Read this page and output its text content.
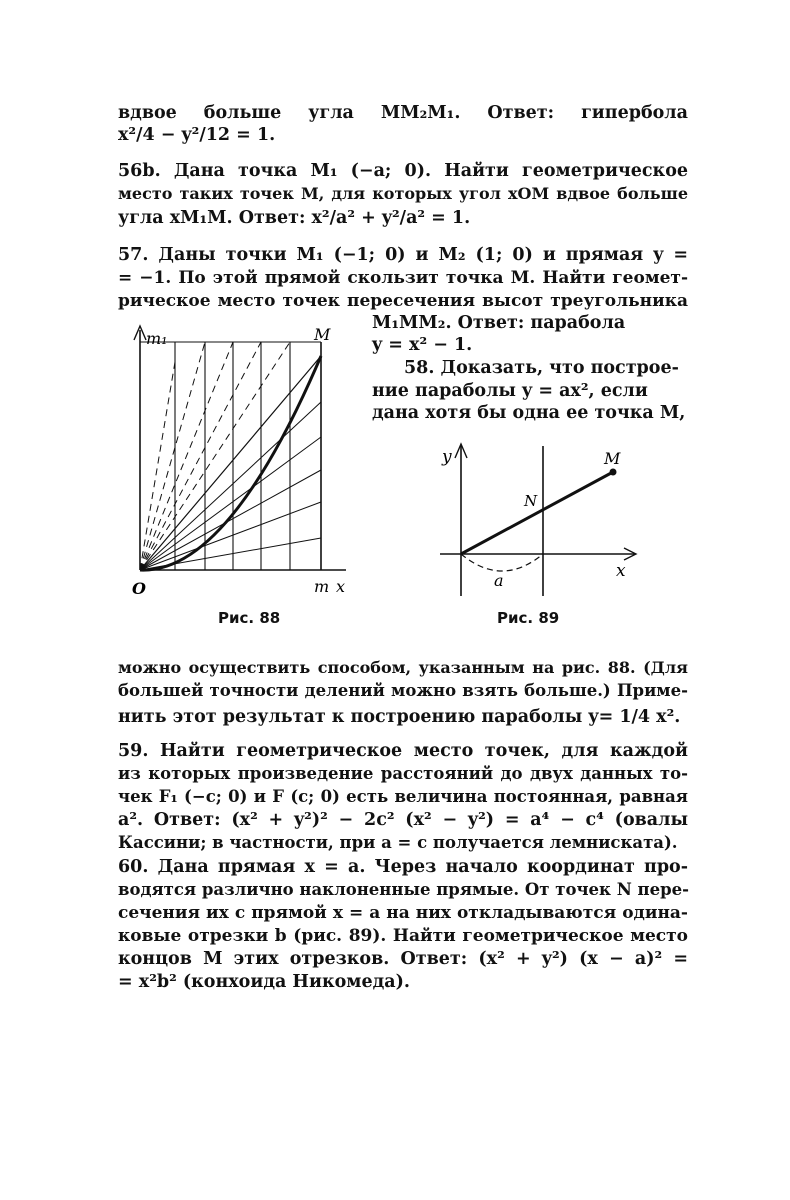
вдвое больше угла MM₂M₁. Ответ: гипербола
x²/4 − y²/12 = 1.
56b. Дана точка M₁ (−a; 0). Найти геометрическое
место таких точек M, для которых угол xOM вдвое больше
угла xM₁M. Ответ: x²/a² + y²/a² = 1.
57. Даны точки M₁ (−1; 0) и M₂ (1; 0) и прямая y =
= −1. По этой прямой скользит точка M. Найти геомет-
рическое место точек пересечения высот треугольника
M₁MM₂. Ответ: парабола
y = x² − 1.
58. Доказать, что построе-
ние параболы y = ax², если
дана хотя бы одна ее точка M,
m₁	M
O	m x
Рис. 88
y	M
N
a	x
Рис. 89
можно осуществить способом, указанным на рис. 88. (Для
большей точности делений можно взять больше.) Приме-
нить этот результат к построению параболы y= 1/4 x².
59. Найти геометрическое место точек, для каждой
из которых произведение расстояний до двух данных то-
чек F₁ (−c; 0) и F (c; 0) есть величина постоянная, равная
a². Ответ: (x² + y²)² − 2c² (x² − y²) = a⁴ − c⁴ (овалы
Кассини; в частности, при a = c получается лемниската).
60. Дана прямая x = a. Через начало координат про-
водятся различно наклоненные прямые. От точек N пере-
сечения их с прямой x = a на них откладываются одина-
ковые отрезки b (рис. 89). Найти геометрическое место
концов M этих отрезков. Ответ: (x² + y²) (x − a)² =
= x²b² (конхоида Никомеда).
